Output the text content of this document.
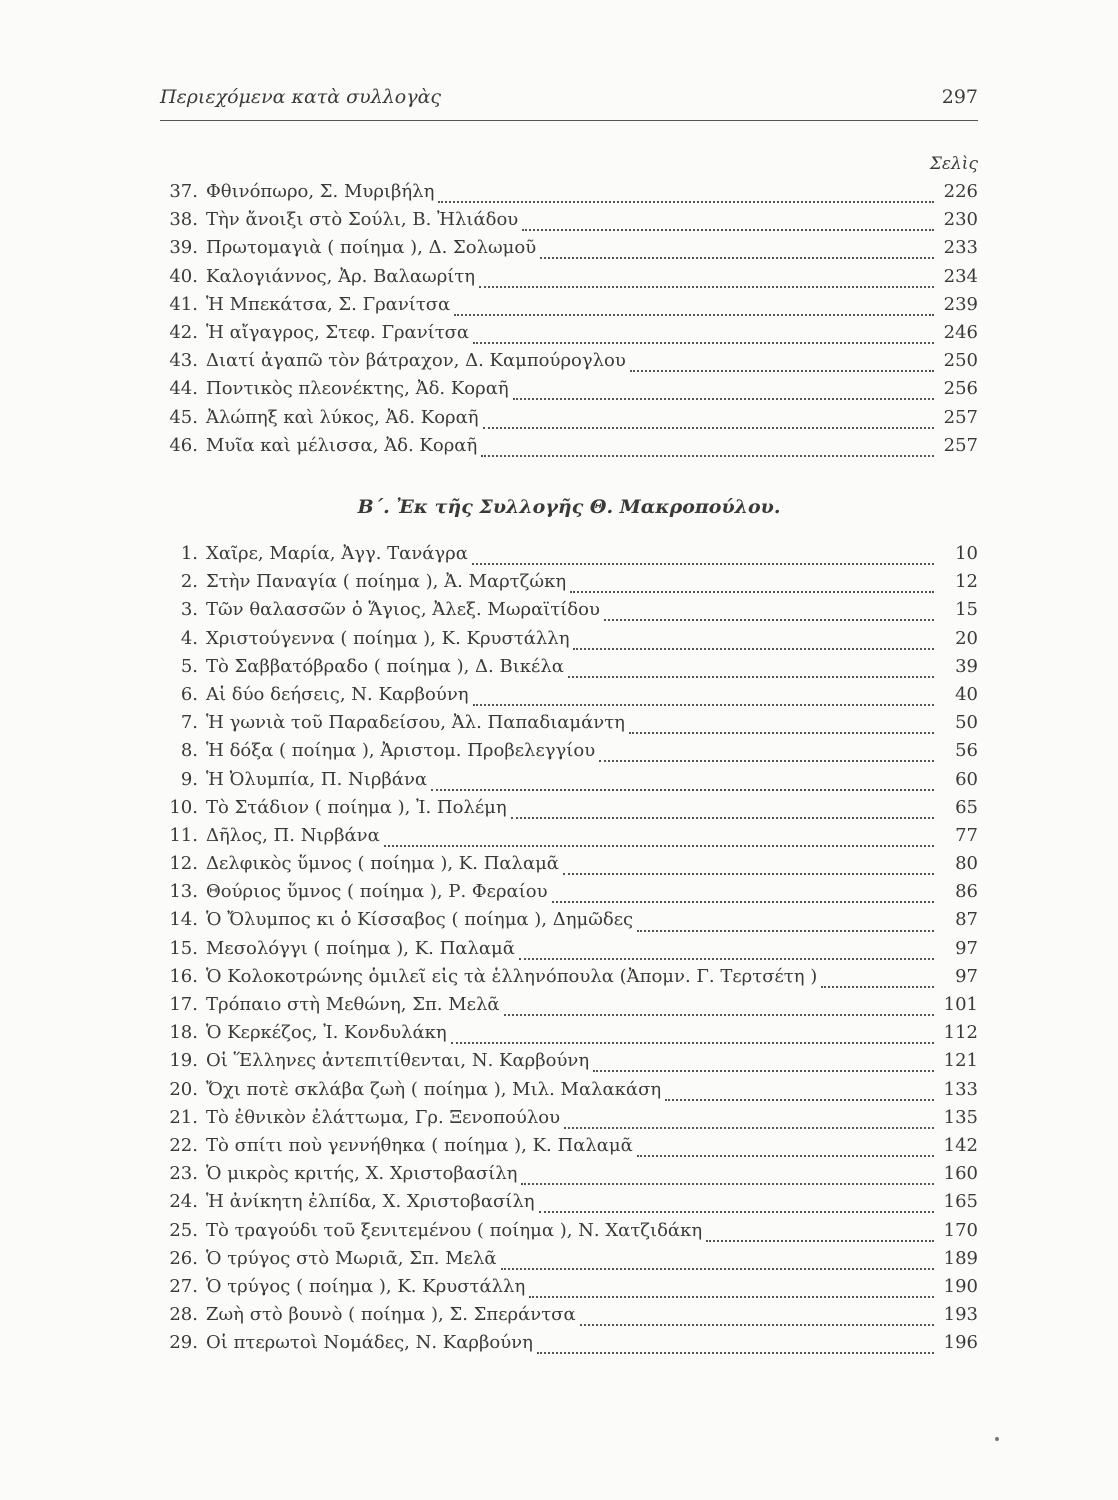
Περιεχόμενα κατὰ συλλογὰς	297
Σελὶς
37. Φθινόπωρο, Σ. Μυριβήλη	226
38. Τὴν ἄνοιξι στὸ Σούλι, Β. Ἠλιάδου	230
39. Πρωτομαγιὰ ( ποίημα ), Δ. Σολωμοῦ	233
40. Καλογιάννος, Ἀρ. Βαλαωρίτη	234
41. Ἡ Μπεκάτσα, Σ. Γρανίτσα	239
42. Ἡ αἴγαγρος, Στεφ. Γρανίτσα	246
43. Διατί ἀγαπῶ τὸν βάτραχον, Δ. Καμπούρογλου	250
44. Ποντικὸς πλεονέκτης, Ἀδ. Κοραῆ	256
45. Ἀλώπηξ καὶ λύκος, Ἀδ. Κοραῆ	257
46. Μυῖα καὶ μέλισσα, Ἀδ. Κοραῆ	257
Β΄. Ἐκ τῆς Συλλογῆς Θ. Μακροπούλου.
1. Χαῖρε, Μαρία, Ἀγγ. Τανάγρα	10
2. Στὴν Παναγία ( ποίημα ), Ἀ. Μαρτζώκη	12
3. Τῶν θαλασσῶν ὁ Ἅγιος, Ἀλεξ. Μωραϊτίδου	15
4. Χριστούγεννα ( ποίημα ), Κ. Κρυστάλλη	20
5. Τὸ Σαββατόβραδο ( ποίημα ), Δ. Βικέλα	39
6. Αἱ δύο δεήσεις, Ν. Καρβούνη	40
7. Ἡ γωνιὰ τοῦ Παραδείσου, Ἀλ. Παπαδιαμάντη	50
8. Ἡ δόξα ( ποίημα ), Ἀριστομ. Προβελεγγίου	56
9. Ἡ Ὀλυμπία, Π. Νιρβάνα	60
10. Τὸ Στάδιον ( ποίημα ), Ἰ. Πολέμη	65
11. Δῆλος, Π. Νιρβάνα	77
12. Δελφικὸς ὕμνος ( ποίημα ), Κ. Παλαμᾶ	80
13. Θούριος ὕμνος ( ποίημα ), Ρ. Φεραίου	86
14. Ὁ Ὄλυμπος κι ὁ Κίσσαβος ( ποίημα ), Δημῶδες	87
15. Μεσολόγγι ( ποίημα ), Κ. Παλαμᾶ	97
16. Ὁ Κολοκοτρώνης ὁμιλεῖ εἰς τὰ ἑλληνόπουλα (Ἀπομν. Γ. Τερτσέτη )	97
17. Τρόπαιο στὴ Μεθώνη, Σπ. Μελᾶ	101
18. Ὁ Κερκέζος, Ἰ. Κονδυλάκη	112
19. Οἱ Ἕλληνες ἀντεπιτίθενται, Ν. Καρβούνη	121
20. Ὄχι ποτὲ σκλάβα ζωὴ ( ποίημα ), Μιλ. Μαλακάση	133
21. Τὸ ἐθνικὸν ἐλάττωμα, Γρ. Ξενοπούλου	135
22. Τὸ σπίτι ποὺ γεννήθηκα ( ποίημα ), Κ. Παλαμᾶ	142
23. Ὁ μικρὸς κριτής, Χ. Χριστοβασίλη	160
24. Ἡ ἀνίκητη ἐλπίδα, Χ. Χριστοβασίλη	165
25. Τὸ τραγούδι τοῦ ξενιτεμένου ( ποίημα ), Ν. Χατζιδάκη	170
26. Ὁ τρύγος στὸ Μωριᾶ, Σπ. Μελᾶ	189
27. Ὁ τρύγος ( ποίημα ), Κ. Κρυστάλλη	190
28. Ζωὴ στὸ βουνὸ ( ποίημα ), Σ. Σπεράντσα	193
29. Οἱ πτερωτοὶ Νομάδες, Ν. Καρβούνη	196
